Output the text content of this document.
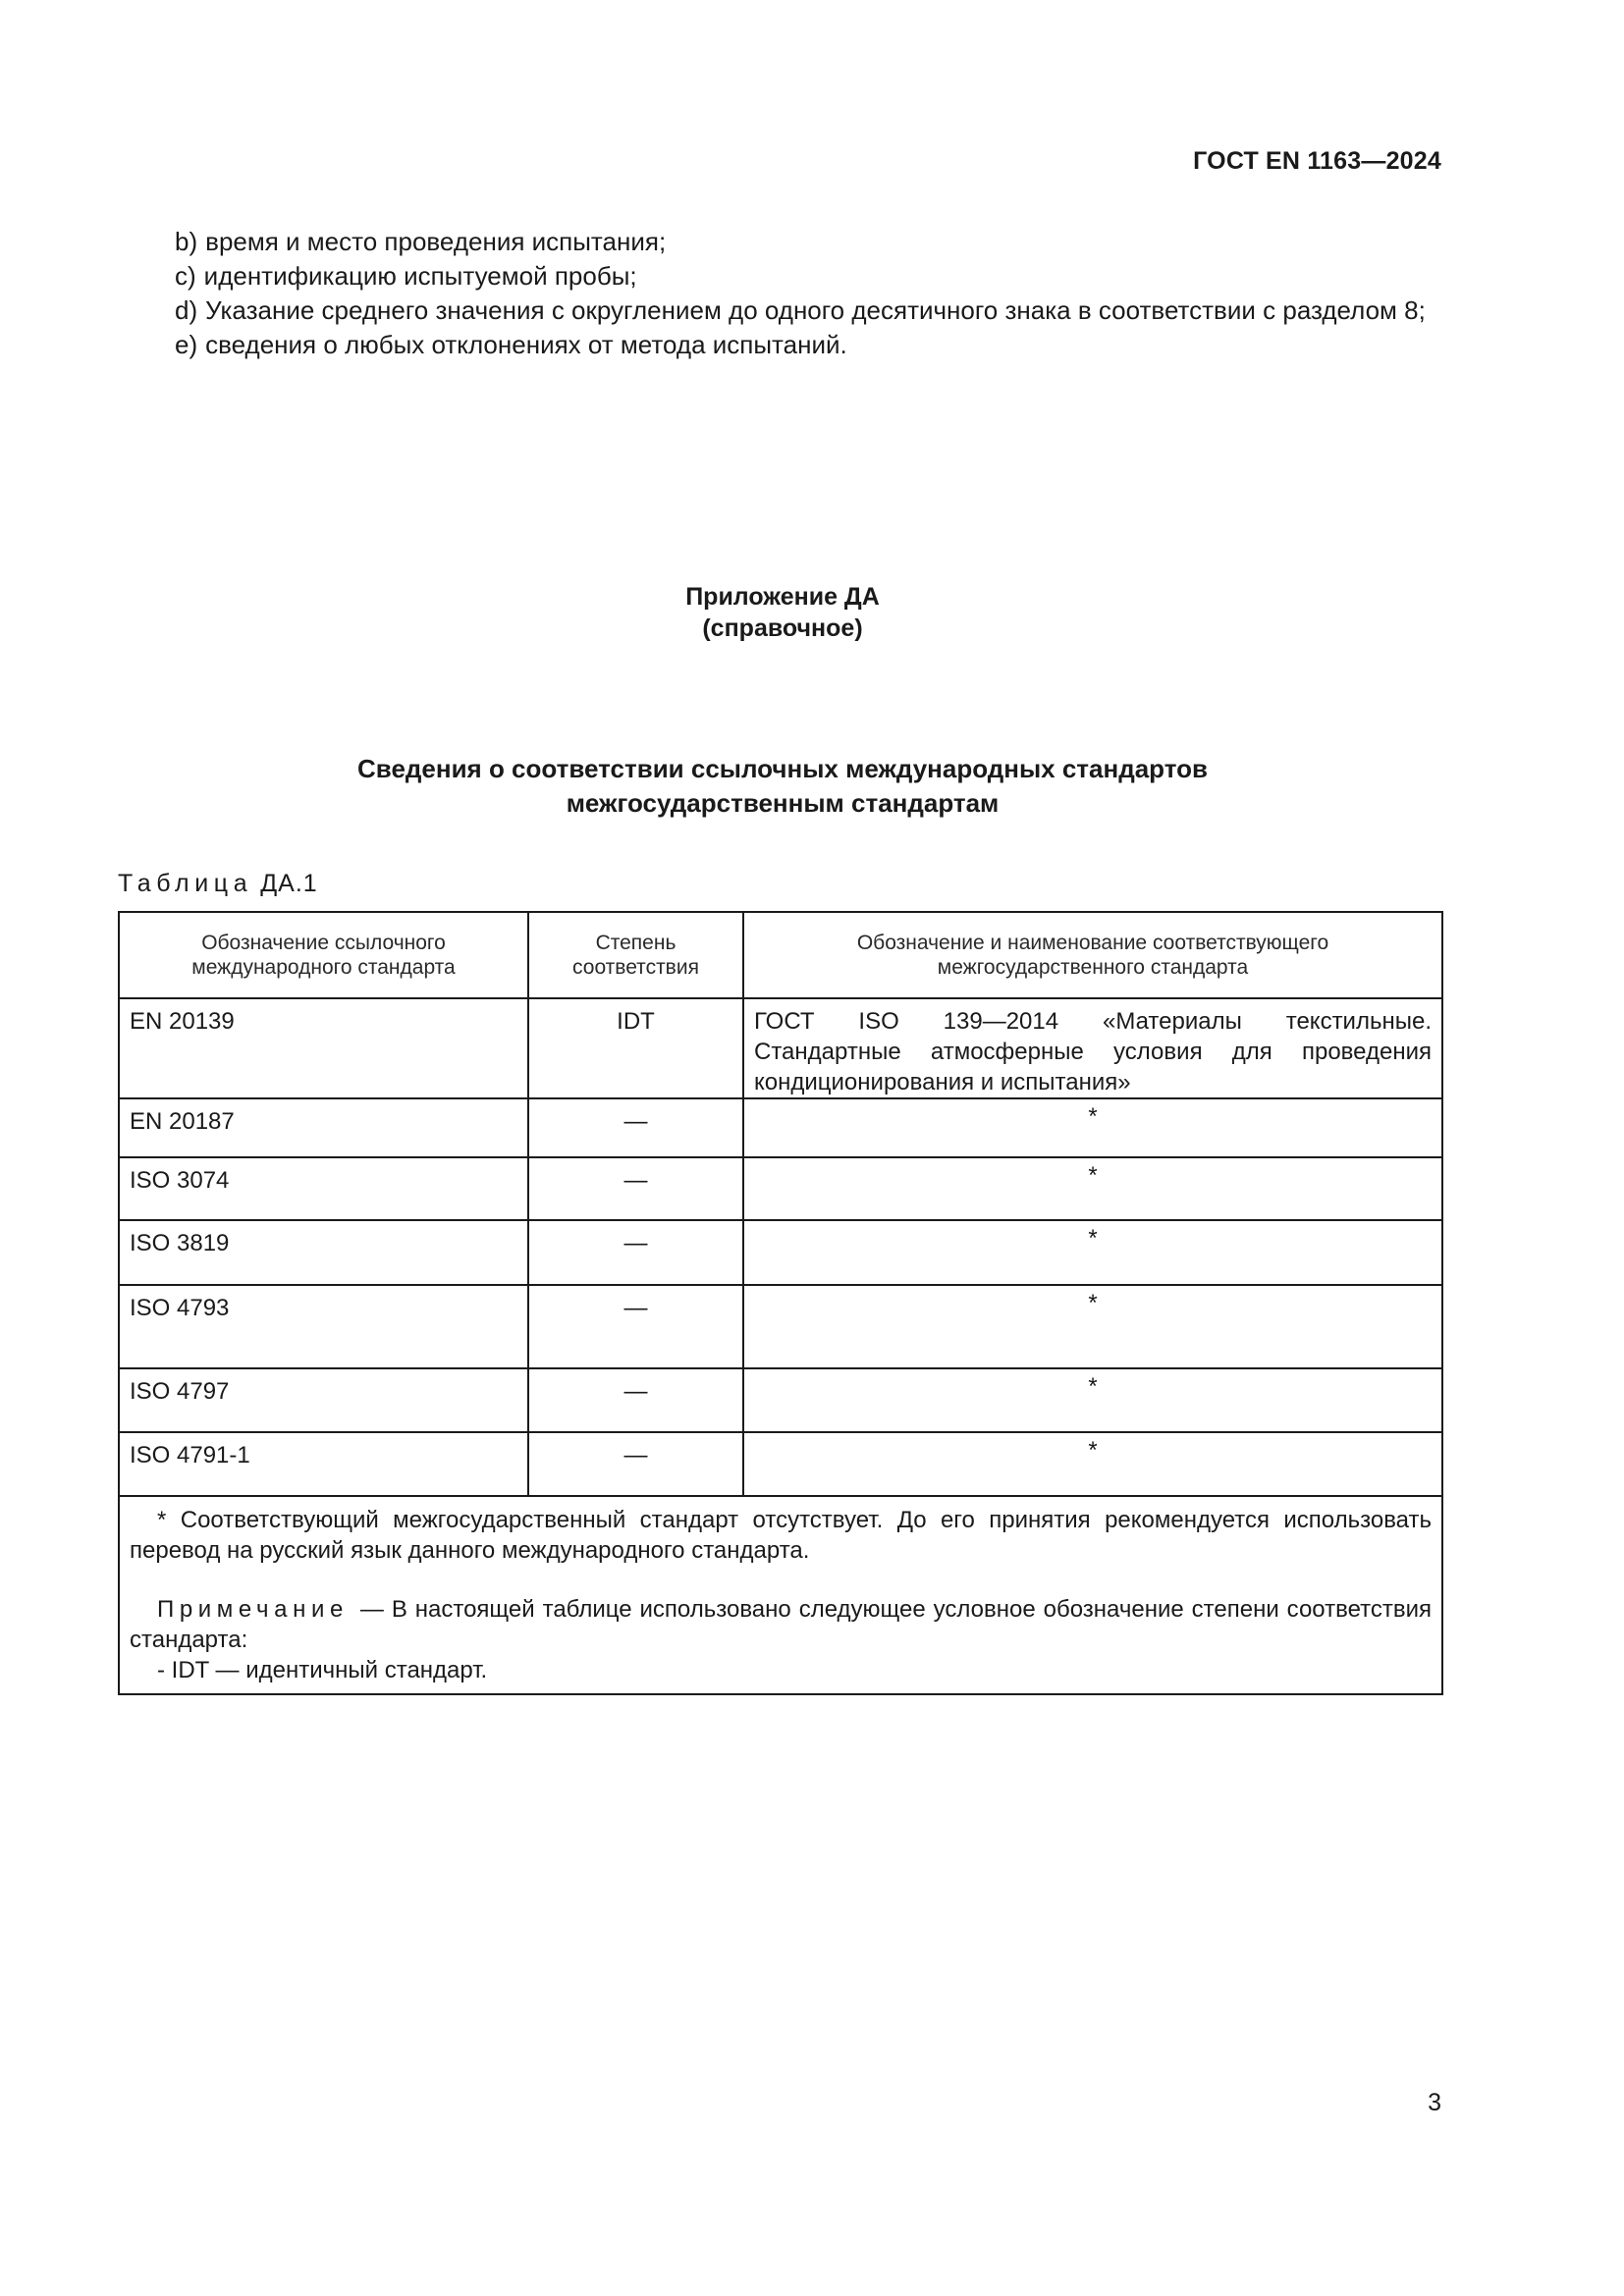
ГОСТ EN 1163—2024

b) время и место проведения испытания;

c) идентификацию испытуемой пробы;

d) Указание среднего значения с округлением до одного десятичного знака в соответствии с разделом 8;

e) сведения о любых отклонениях от метода испытаний.

Приложение ДА
(справочное)
Сведения о соответствии ссылочных международных стандартов
межгосударственным стандартам
Таблица ДА.1
Обозначение ссылочного международного стандарта	Степень соответствия	Обозначение и наименование соответствующего межгосударственного стандарта
EN 20139	IDT	ГОСТ ISO 139—2014 «Материалы текстильные. Стандартные атмосферные условия для проведения кондиционирования и испытания»
EN 20187	—	*
ISO 3074	—	*
ISO 3819	—	*
ISO 4793	—	*
ISO 4797	—	*
ISO 4791-1	—	*

* Соответствующий межгосударственный стандарт отсутствует. До его принятия рекомендуется использовать перевод на русский язык данного международного стандарта.

Примечание — В настоящей таблице использовано следующее условное обозначение степени соответствия стандарта:

- IDT — идентичный стандарт.		

3
